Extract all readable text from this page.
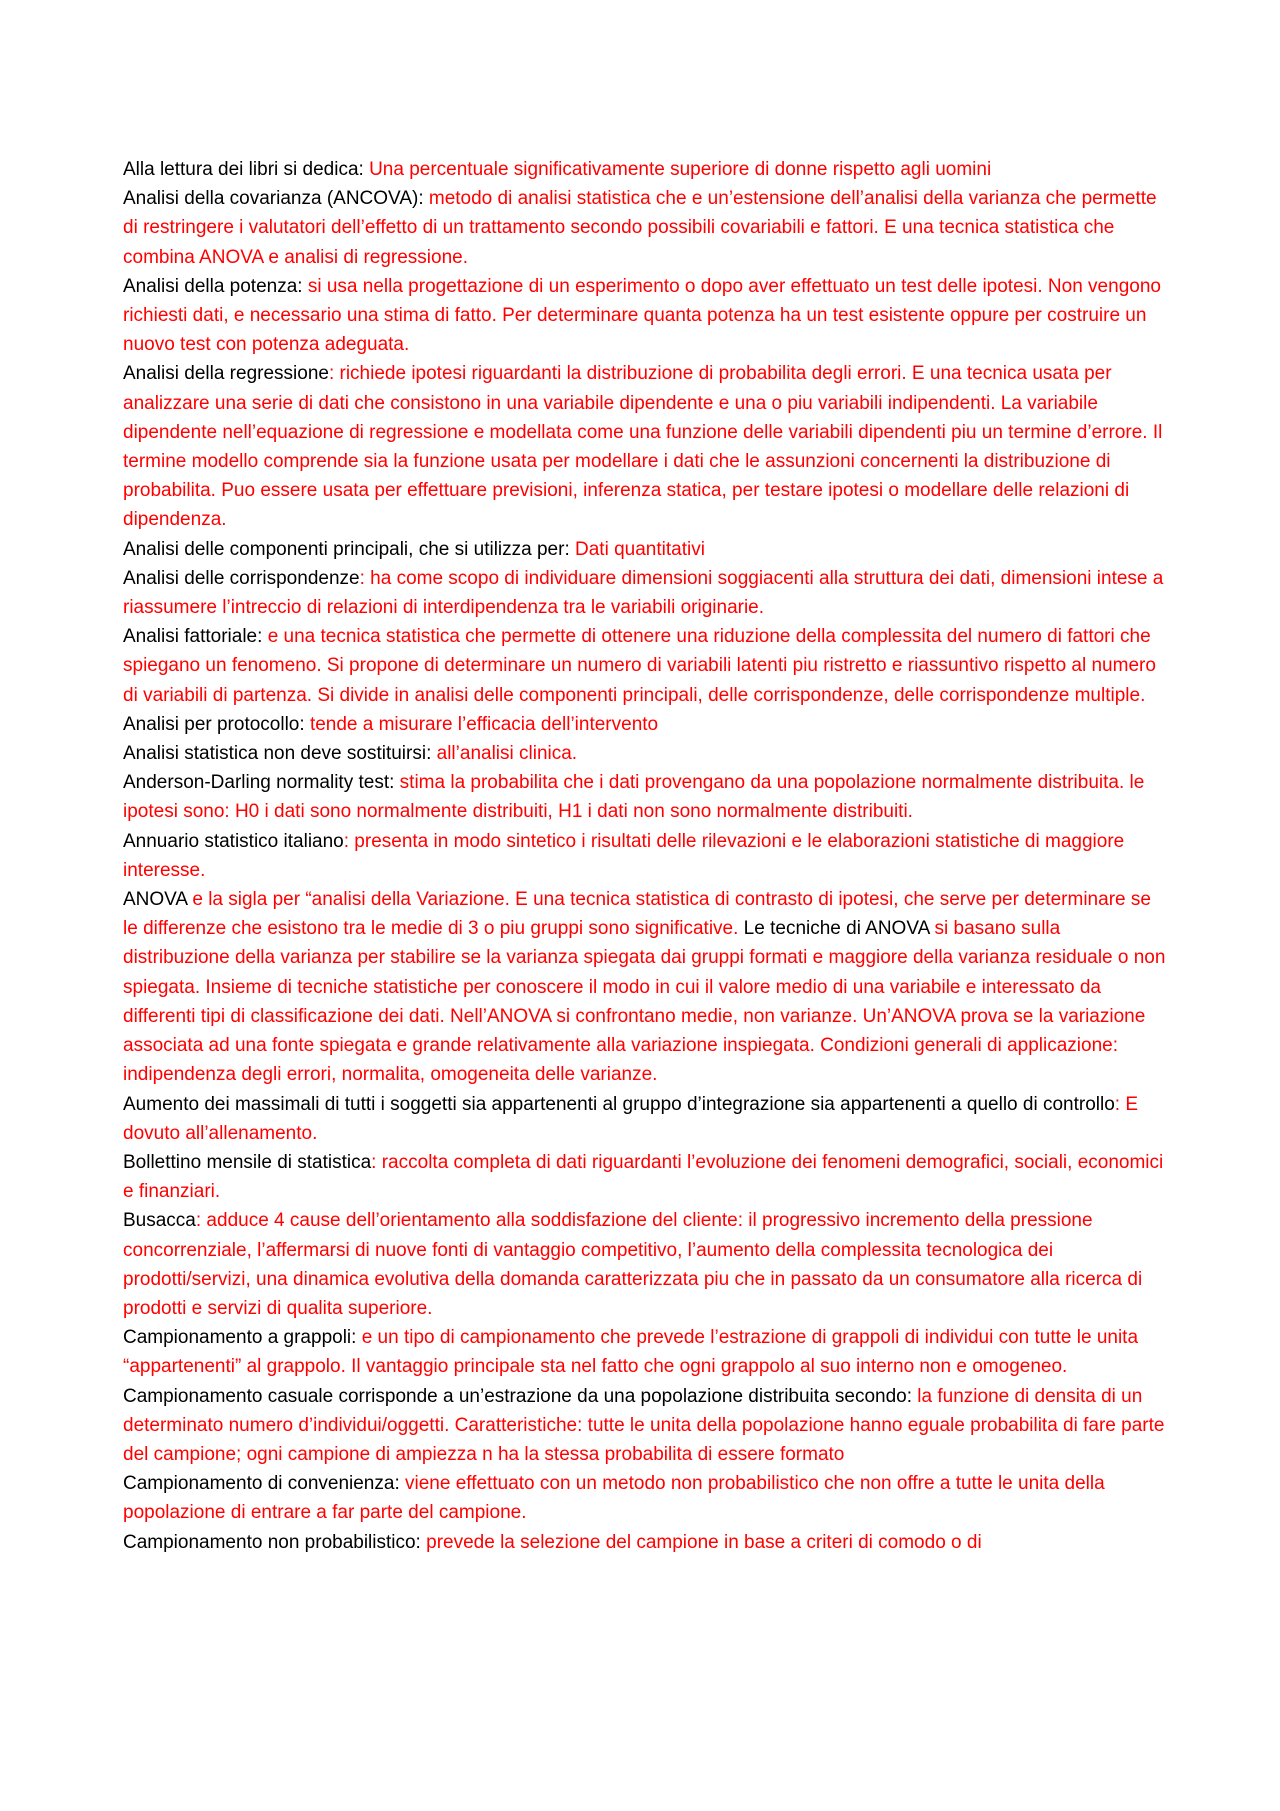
Alla lettura dei libri si dedica: Una percentuale significativamente superiore di donne rispetto agli uomini

Analisi della covarianza (ANCOVA): metodo di analisi statistica che e un’estensione dell’analisi della varianza che permette di restringere i valutatori dell’effetto di un trattamento secondo possibili covariabili e fattori. E una tecnica statistica che combina ANOVA e analisi di regressione.

Analisi della potenza: si usa nella progettazione di un esperimento o dopo aver effettuato un test delle ipotesi. Non vengono richiesti dati, e necessario una stima di fatto. Per determinare quanta potenza ha un test esistente oppure per costruire un nuovo test con potenza adeguata.

Analisi della regressione: richiede ipotesi riguardanti la distribuzione di probabilita degli errori. E una tecnica usata per analizzare una serie di dati che consistono in una variabile dipendente e una o piu variabili indipendenti. La variabile dipendente nell’equazione di regressione e modellata come una funzione delle variabili dipendenti piu un termine d’errore. Il termine modello comprende sia la funzione usata per modellare i dati che le assunzioni concernenti la distribuzione di probabilita. Puo essere usata per effettuare previsioni, inferenza statica, per testare ipotesi o modellare delle relazioni di dipendenza.

Analisi delle componenti principali, che si utilizza per: Dati quantitativi

Analisi delle corrispondenze: ha come scopo di individuare dimensioni soggiacenti alla struttura dei dati, dimensioni intese a riassumere l’intreccio di relazioni di interdipendenza tra le variabili originarie.

Analisi fattoriale: e una tecnica statistica che permette di ottenere una riduzione della complessita del numero di fattori che spiegano un fenomeno. Si propone di determinare un numero di variabili latenti piu ristretto e riassuntivo rispetto al numero di variabili di partenza. Si divide in analisi delle componenti principali, delle corrispondenze, delle corrispondenze multiple.

Analisi per protocollo: tende a misurare l’efficacia dell’intervento

Analisi statistica non deve sostituirsi: all’analisi clinica.

Anderson-Darling normality test: stima la probabilita che i dati provengano da una popolazione normalmente distribuita. le ipotesi sono: H0 i dati sono normalmente distribuiti, H1 i dati non sono normalmente distribuiti.

Annuario statistico italiano: presenta in modo sintetico i risultati delle rilevazioni e le elaborazioni statistiche di maggiore interesse.

ANOVA e la sigla per “analisi della Variazione. E una tecnica statistica di contrasto di ipotesi, che serve per determinare se le differenze che esistono tra le medie di 3 o piu gruppi sono significative. Le tecniche di ANOVA si basano sulla distribuzione della varianza per stabilire se la varianza spiegata dai gruppi formati e maggiore della varianza residuale o non spiegata. Insieme di tecniche statistiche per conoscere il modo in cui il valore medio di una variabile e interessato da differenti tipi di classificazione dei dati. Nell’ANOVA si confrontano medie, non varianze. Un’ANOVA prova se la variazione associata ad una fonte spiegata e grande relativamente alla variazione inspiegata. Condizioni generali di applicazione: indipendenza degli errori, normalita, omogeneita delle varianze.

Aumento dei massimali di tutti i soggetti sia appartenenti al gruppo d’integrazione sia appartenenti a quello di controllo: E dovuto all’allenamento.

Bollettino mensile di statistica: raccolta completa di dati riguardanti l’evoluzione dei fenomeni demografici, sociali, economici e finanziari.

Busacca: adduce 4 cause dell’orientamento alla soddisfazione del cliente: il progressivo incremento della pressione concorrenziale, l’affermarsi di nuove fonti di vantaggio competitivo, l’aumento della complessita tecnologica dei prodotti/servizi, una dinamica evolutiva della domanda caratterizzata piu che in passato da un consumatore alla ricerca di prodotti e servizi di qualita superiore.

Campionamento a grappoli: e un tipo di campionamento che prevede l’estrazione di grappoli di individui con tutte le unita “appartenenti” al grappolo. Il vantaggio principale sta nel fatto che ogni grappolo al suo interno non e omogeneo.

Campionamento casuale corrisponde a un’estrazione da una popolazione distribuita secondo: la funzione di densita di un determinato numero d’individui/oggetti. Caratteristiche: tutte le unita della popolazione hanno eguale probabilita di fare parte del campione; ogni campione di ampiezza n ha la stessa probabilita di essere formato

Campionamento di convenienza: viene effettuato con un metodo non probabilistico che non offre a tutte le unita della popolazione di entrare a far parte del campione.

Campionamento non probabilistico: prevede la selezione del campione in base a criteri di comodo o di
